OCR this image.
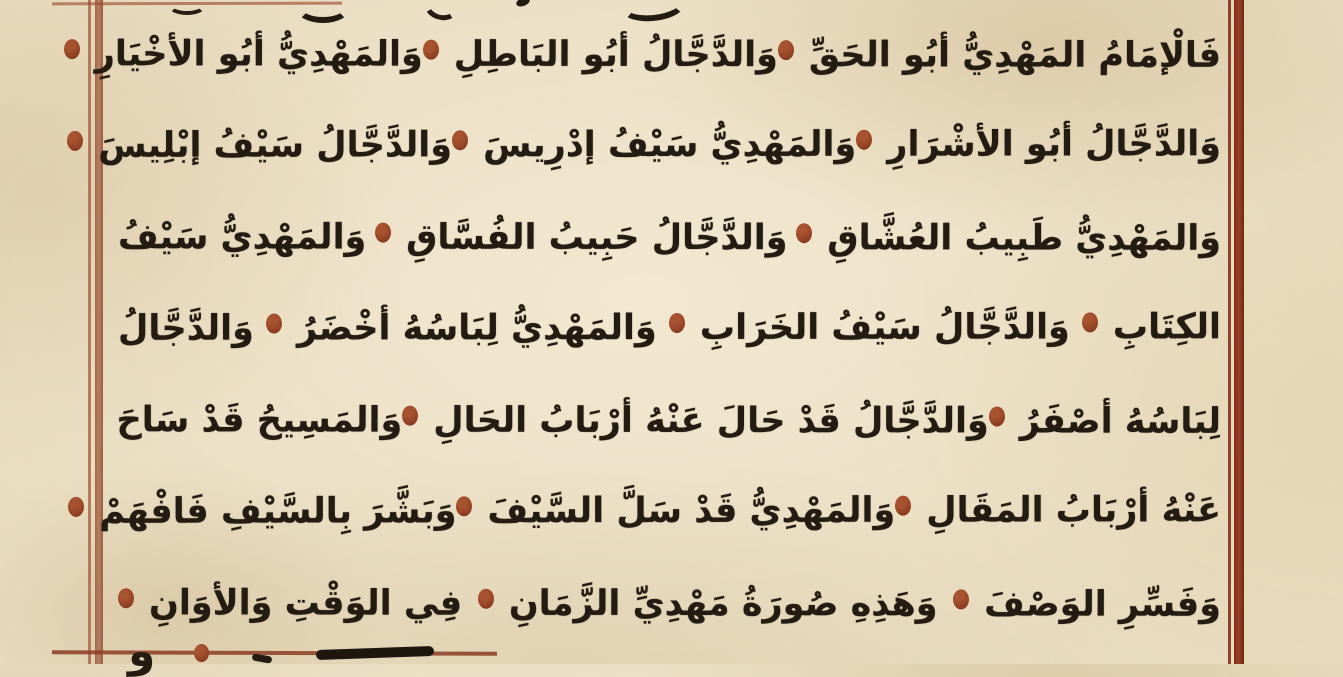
فَالْإمَامُ المَهْدِيُّ أبُو الحَقِّ
وَالدَّجَّالُ أبُو البَاطِلِ
وَالمَهْدِيُّ أبُو الأخْيَارِ
وَالدَّجَّالُ أبُو الأشْرَارِ
وَالمَهْدِيُّ سَيْفُ إدْرِيسَ
وَالدَّجَّالُ سَيْفُ إبْلِيسَ
وَالمَهْدِيُّ طَبِيبُ العُشَّاقِ
وَالدَّجَّالُ حَبِيبُ الفُسَّاقِ
وَالمَهْدِيُّ سَيْفُ
الكِتَابِ
وَالدَّجَّالُ سَيْفُ الخَرَابِ
وَالمَهْدِيُّ لِبَاسُهُ أخْضَرُ
وَالدَّجَّالُ
لِبَاسُهُ أصْفَرُ
وَالدَّجَّالُ قَدْ حَالَ عَنْهُ أرْبَابُ الحَالِ
وَالمَسِيحُ قَدْ سَاحَ
عَنْهُ أرْبَابُ المَقَالِ
وَالمَهْدِيُّ قَدْ سَلَّ السَّيْفَ
وَبَشَّرَ بِالسَّيْفِ فَافْهَمْ
وَفَسِّرِ الوَصْفَ
وَهَذِهِ صُورَةُ مَهْدِيِّ الزَّمَانِ
فِي الوَقْتِ وَالأوَانِ
و
